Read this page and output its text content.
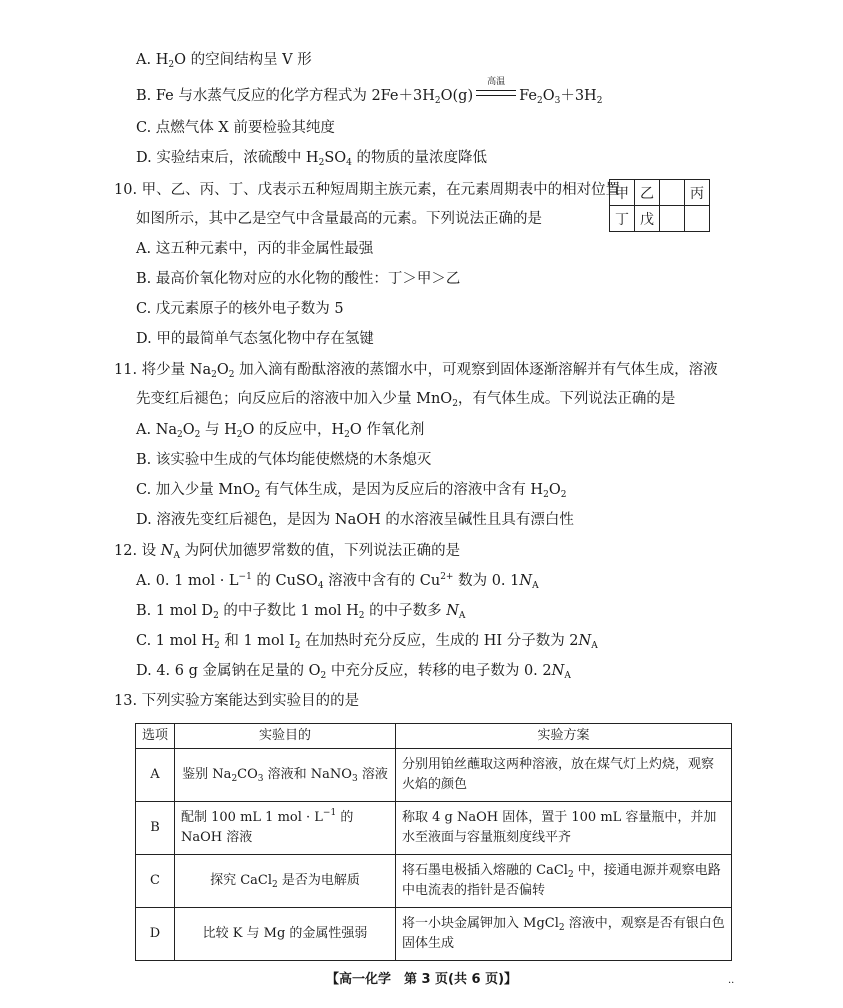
A. $H_2O$ 的空间结构呈 V 形
B. Fe 与水蒸气反应的化学方程式为 $2Fe+3H_2O(g)$
高温
$Fe_2O_3+3H_2$
C. 点燃气体 X 前要检验其纯度
D. 实验结束后，浓硫酸中 $H_2SO_4$ 的物质的量浓度降低
10. 甲、乙、丙、丁、戊表示五种短周期主族元素，在元素周期表中的相对位置
如图所示，其中乙是空气中含量最高的元素。下列说法正确的是
甲	乙		丙
丁	戊		
A. 这五种元素中，丙的非金属性最强
B. 最高价氧化物对应的水化物的酸性：丁＞甲＞乙
C. 戊元素原子的核外电子数为 5
D. 甲的最简单气态氢化物中存在氢键
11. 将少量 $Na_2O_2$ 加入滴有酚酞溶液的蒸馏水中，可观察到固体逐渐溶解并有气体生成，溶液
先变红后褪色；向反应后的溶液中加入少量 MnO$_2$，有气体生成。下列说法正确的是
A. $Na_2O_2$ 与 $H_2O$ 的反应中，$H_2O$ 作氧化剂
B. 该实验中生成的气体均能使燃烧的木条熄灭
C. 加入少量 MnO$_2$ 有气体生成，是因为反应后的溶液中含有 $H_2O_2$
D. 溶液先变红后褪色，是因为 NaOH 的水溶液呈碱性且具有漂白性
12. 设 $N_A$ 为阿伏加德罗常数的值，下列说法正确的是
A. 0. 1 mol · $L^{-1}$ 的 CuSO$_4$ 溶液中含有的 $Cu^{2+}$ 数为 0. $1N_A$
B. 1 mol $D_2$ 的中子数比 1 mol $H_2$ 的中子数多 $N_A$
C. 1 mol $H_2$ 和 1 mol $I_2$ 在加热时充分反应，生成的 HI 分子数为 $2N_A$
D. 4. 6 g 金属钠在足量的 $O_2$ 中充分反应，转移的电子数为 0. $2N_A$
13. 下列实验方案能达到实验目的的是
选项	实验目的	实验方案
A	鉴别 $Na_2CO_3$ 溶液和 NaNO$_3$ 溶液	分别用铂丝蘸取这两种溶液，放在煤气灯上灼烧，观察火焰的颜色
B	配制 100 mL 1 mol · $L^{-1}$ 的 NaOH 溶液	称取 4 g NaOH 固体，置于 100 mL 容量瓶中，并加水至液面与容量瓶刻度线平齐
C	探究 CaCl$_2$ 是否为电解质	将石墨电极插入熔融的 CaCl$_2$ 中，接通电源并观察电路中电流表的指针是否偏转
D	比较 K 与 Mg 的金属性强弱	将一小块金属钾加入 MgCl$_2$ 溶液中，观察是否有银白色固体生成
【高一化学　第 3 页(共 6 页)】	··
